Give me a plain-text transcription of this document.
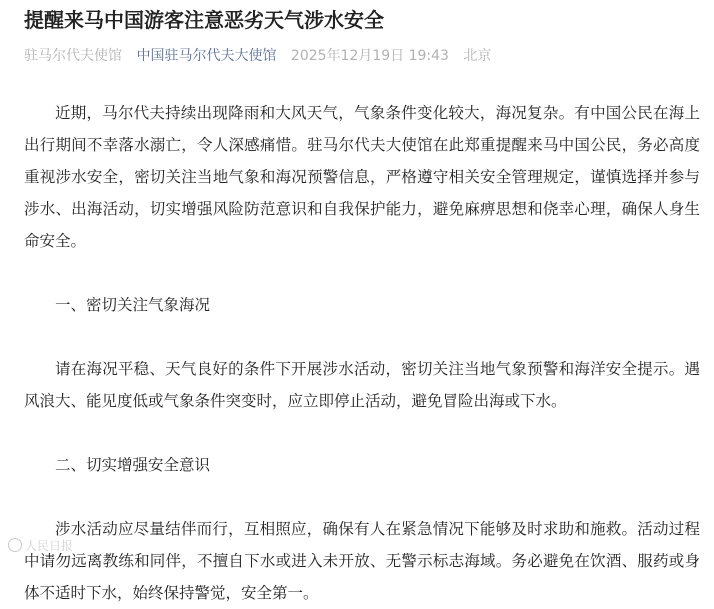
提醒来马中国游客注意恶劣天气涉水安全
驻马尔代夫使馆 中国驻马尔代夫大使馆 2025年12月19日 19:43 北京

近期，马尔代夫持续出现降雨和大风天气，气象条件变化较大，海况复杂。有中国公民在海上出行期间不幸落水溺亡，令人深感痛惜。驻马尔代夫大使馆在此郑重提醒来马中国公民，务必高度重视涉水安全，密切关注当地气象和海况预警信息，严格遵守相关安全管理规定，谨慎选择并参与涉水、出海活动，切实增强风险防范意识和自我保护能力，避免麻痹思想和侥幸心理，确保人身生命安全。

一、密切关注气象海况

请在海况平稳、天气良好的条件下开展涉水活动，密切关注当地气象预警和海洋安全提示。遇风浪大、能见度低或气象条件突变时，应立即停止活动，避免冒险出海或下水。

二、切实增强安全意识

涉水活动应尽量结伴而行，互相照应，确保有人在紧急情况下能够及时求助和施救。活动过程中请勿远离教练和同伴，不擅自下水或进入未开放、无警示标志海域。务必避免在饮酒、服药或身体不适时下水，始终保持警觉，安全第一。

人民日报
